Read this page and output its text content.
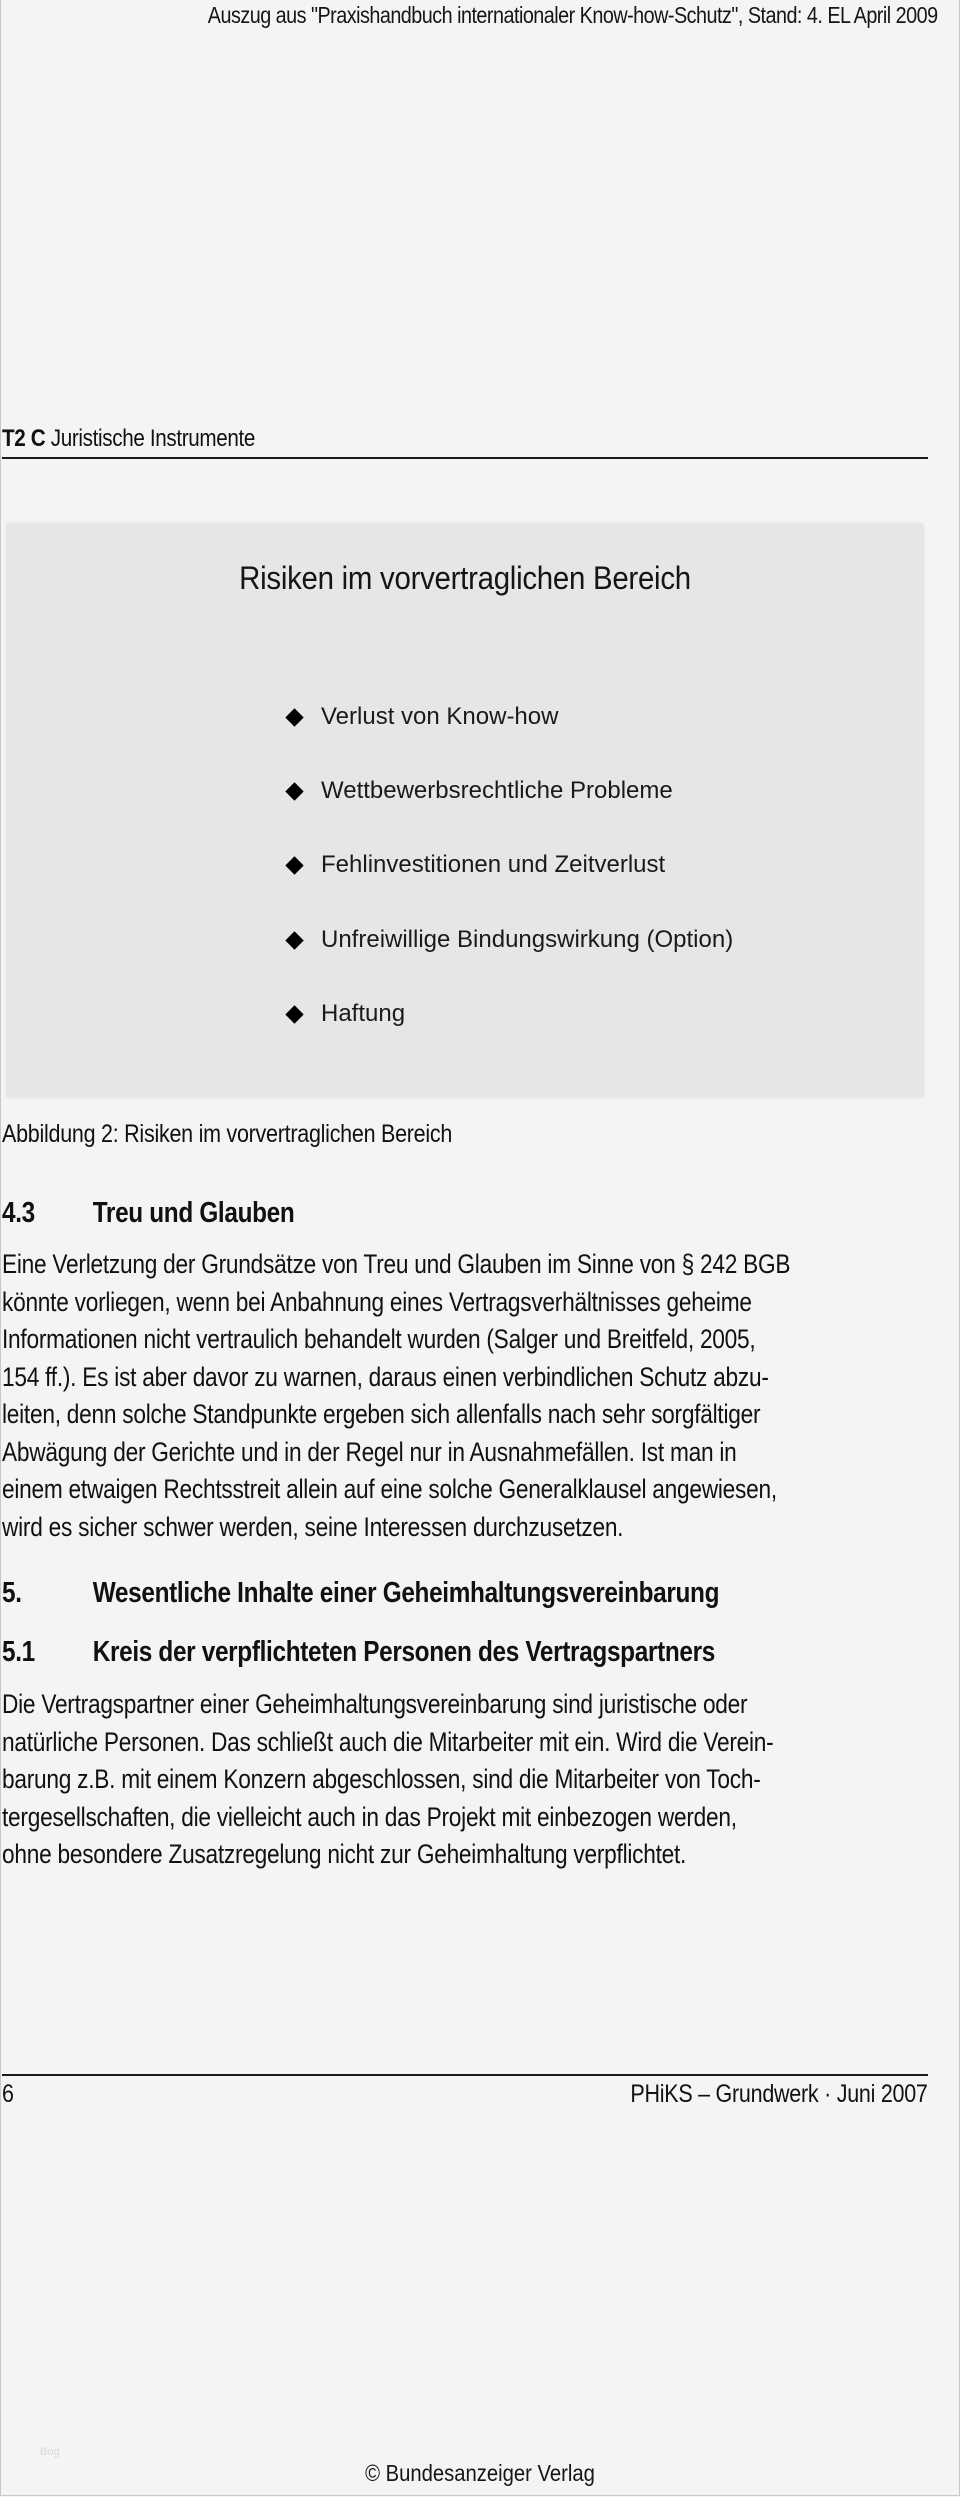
Auszug aus "Praxishandbuch internationaler Know-how-Schutz", Stand: 4. EL April 2009
T2 C Juristische Instrumente
Risiken im vorvertraglichen Bereich
Verlust von Know-how
Wettbewerbsrechtliche Probleme
Fehlinvestitionen und Zeitverlust
Unfreiwillige Bindungswirkung (Option)
Haftung
Abbildung 2: Risiken im vorvertraglichen Bereich
4.3 Treu und Glauben
Eine Verletzung der Grundsätze von Treu und Glauben im Sinne von § 242 BGB
könnte vorliegen, wenn bei Anbahnung eines Vertragsverhältnisses geheime
Informationen nicht vertraulich behandelt wurden (Salger und Breitfeld, 2005,
154 ff.). Es ist aber davor zu warnen, daraus einen verbindlichen Schutz abzu-
leiten, denn solche Standpunkte ergeben sich allenfalls nach sehr sorgfältiger
Abwägung der Gerichte und in der Regel nur in Ausnahmefällen. Ist man in
einem etwaigen Rechtsstreit allein auf eine solche Generalklausel angewiesen,
wird es sicher schwer werden, seine Interessen durchzusetzen.
5. Wesentliche Inhalte einer Geheimhaltungsvereinbarung
5.1 Kreis der verpflichteten Personen des Vertragspartners
Die Vertragspartner einer Geheimhaltungsvereinbarung sind juristische oder
natürliche Personen. Das schließt auch die Mitarbeiter mit ein. Wird die Verein-
barung z.B. mit einem Konzern abgeschlossen, sind die Mitarbeiter von Toch-
tergesellschaften, die vielleicht auch in das Projekt mit einbezogen werden,
ohne besondere Zusatzregelung nicht zur Geheimhaltung verpflichtet.
6	PHiKS – Grundwerk · Juni 2007
Bog
© Bundesanzeiger Verlag
